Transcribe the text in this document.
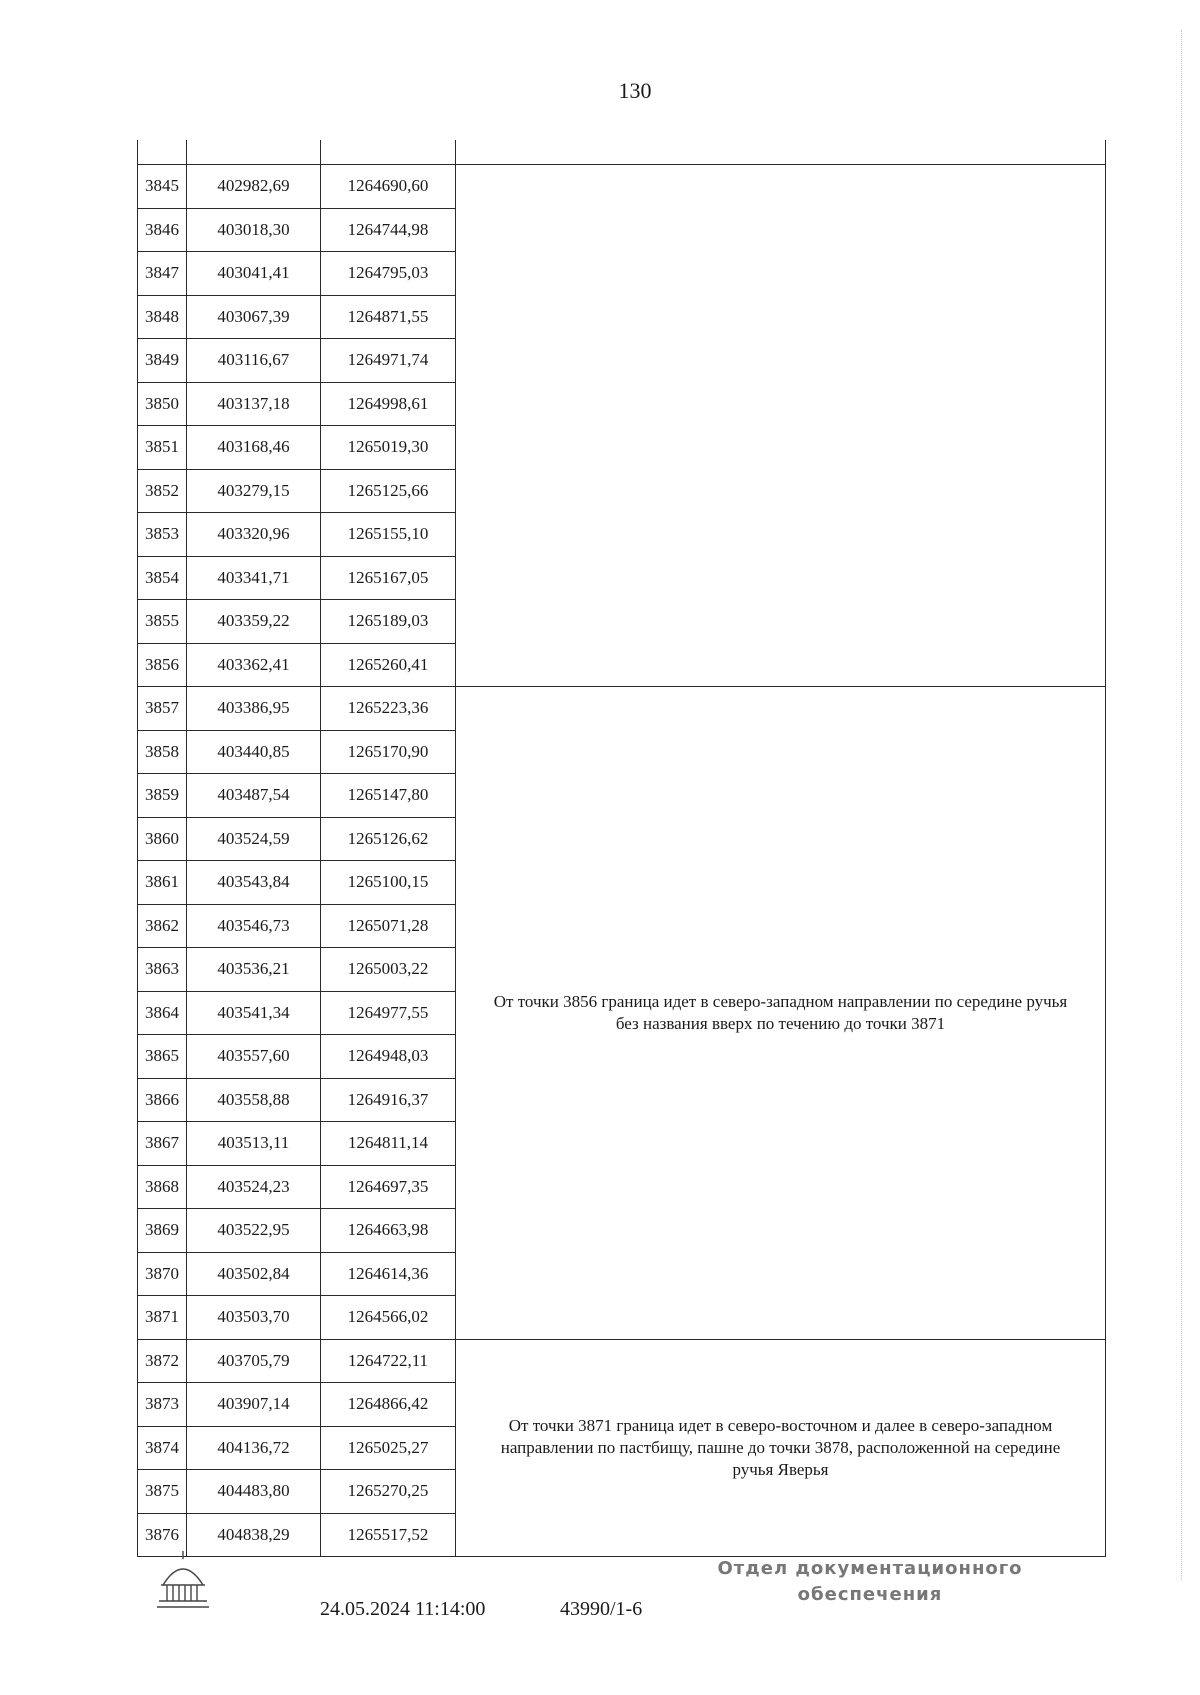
130

3845	402982,69	1264690,60	

3846	403018,30	1264744,98	
3847	403041,41	1264795,03	
3848	403067,39	1264871,55	
3849	403116,67	1264971,74	
3850	403137,18	1264998,61	
3851	403168,46	1265019,30	
3852	403279,15	1265125,66	
3853	403320,96	1265155,10	
3854	403341,71	1265167,05	
3855	403359,22	1265189,03	
3856	403362,41	1265260,41	
3857	403386,95	1265223,36	От точки 3856 граница идет в северо-западном направлении по середине ручья без названия вверх по течению до точки 3871

3858	403440,85	1265170,90	
3859	403487,54	1265147,80	
3860	403524,59	1265126,62	
3861	403543,84	1265100,15	
3862	403546,73	1265071,28	
3863	403536,21	1265003,22	
3864	403541,34	1264977,55	
3865	403557,60	1264948,03	
3866	403558,88	1264916,37	
3867	403513,11	1264811,14	
3868	403524,23	1264697,35	
3869	403522,95	1264663,98	
3870	403502,84	1264614,36	
3871	403503,70	1264566,02	
3872	403705,79	1264722,11	От точки 3871 граница идет в северо-восточном и далее в северо-западном направлении по пастбищу, пашне до точки 3878, расположенной на середине ручья Яверья

3873	403907,14	1264866,42	
3874	404136,72	1265025,27	
3875	404483,80	1265270,25	
3876	404838,29	1265517,52	
24.05.2024 11:14:00	43990/1-6
Отдел документационного
обеспечения
